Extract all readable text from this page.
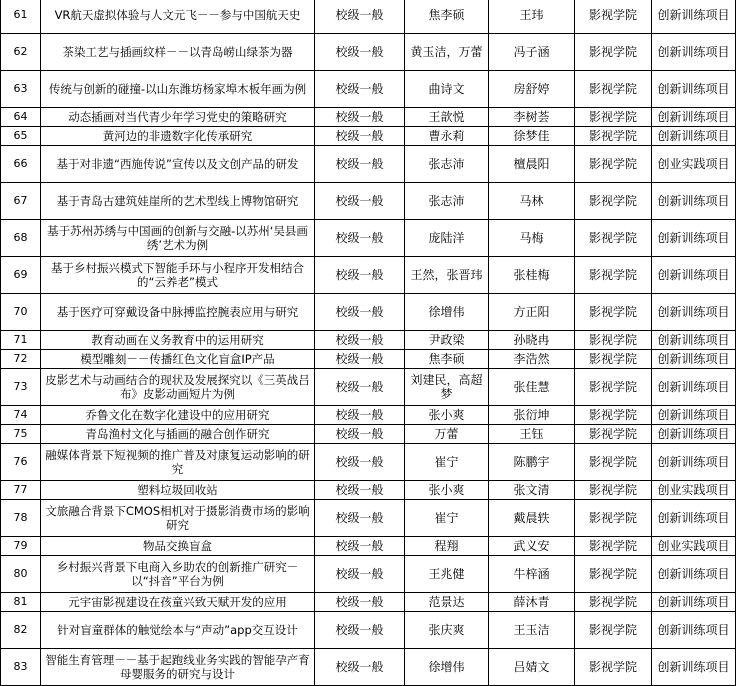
61	VR航天虚拟体验与人文元飞－－参与中国航天史	校级一般	焦李硕	王玮	影视学院	创新训练项目
62	茶染工艺与插画纹样－－以青岛崂山绿茶为器	校级一般	黄玉洁，万蕾	冯子涵	影视学院	创新训练项目
63	传统与创新的碰撞-以山东潍坊杨家埠木板年画为例	校级一般	曲诗文	房舒婷	影视学院	创新训练项目
64	动态插画对当代青少年学习党史的策略研究	校级一般	王歆悦	李树荟	影视学院	创新训练项目
65	黄河边的非遗数字化传承研究	校级一般	曹永莉	徐梦佳	影视学院	创新训练项目
66	基于对非遗“西施传说”宣传以及文创产品的研发	校级一般	张志沛	檀晨阳	影视学院	创业实践项目
67	基于青岛古建筑娃崖所的艺术型线上博物馆研究	校级一般	张志沛	马林	影视学院	创新训练项目
68	基于苏州苏绣与中国画的创新与交融-以苏州‘吴县画绣’艺术为例	校级一般	庞陆洋	马梅	影视学院	创新训练项目
69	基于乡村振兴模式下智能手环与小程序开发相结合的“云养老”模式	校级一般	王然，张晋玮	张桂梅	影视学院	创新训练项目
70	基于医疗可穿戴设备中脉搏监控腕表应用与研究	校级一般	徐增伟	方正阳	影视学院	创新训练项目
71	教育动画在义务教育中的运用研究	校级一般	尹政梁	孙晓冉	影视学院	创新训练项目
72	模型雕刻－－传播红色文化盲盒IP产品	校级一般	焦李硕	李浩然	影视学院	创新训练项目
73	皮影艺术与动画结合的现状及发展探究以《三英战吕布》皮影动画短片为例	校级一般	刘建民，高超梦	张佳慧	影视学院	创新训练项目
74	乔鲁文化在数字化建设中的应用研究	校级一般	张小爽	张衍坤	影视学院	创新训练项目
75	青岛渔村文化与插画的融合创作研究	校级一般	万蕾	王钰	影视学院	创新训练项目
76	融媒体背景下短视频的推广普及对康复运动影响的研究	校级一般	崔宁	陈鹏宇	影视学院	创新训练项目
77	塑料垃圾回收站	校级一般	张小爽	张文清	影视学院	创业实践项目
78	文旅融合背景下CMOS相机对于摄影消费市场的影响研究	校级一般	崔宁	戴晨轶	影视学院	创新训练项目
79	物品交换盲盒	校级一般	程翔	武义安	影视学院	创业实践项目
80	乡村振兴背景下电商入乡助农的创新推广研究－以“抖音”平台为例	校级一般	王兆健	牛梓涵	影视学院	创新训练项目
81	元宇宙影视建设在孩童兴致天赋开发的应用	校级一般	范景达	薛沐青	影视学院	创新训练项目
82	针对盲童群体的触觉绘本与“声动”app交互设计	校级一般	张庆爽	王玉洁	影视学院	创新训练项目
83	智能生育管理－－基于起跑线业务实践的智能孕产育母婴服务的研究与设计	校级一般	徐增伟	吕婧文	影视学院	创新训练项目
